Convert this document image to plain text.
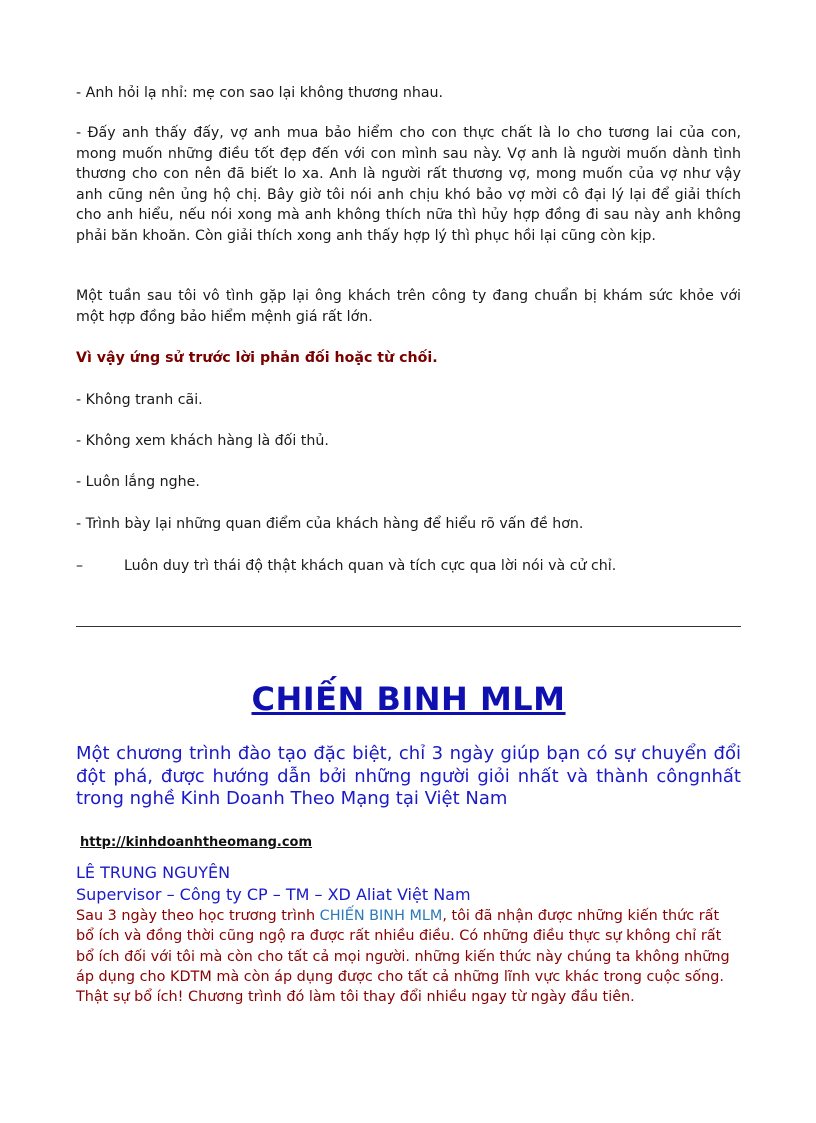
- Anh hỏi lạ nhỉ: mẹ con sao lại không thương nhau.

- Đấy anh thấy đấy, vợ anh mua bảo hiểm cho con thực chất là lo cho tương lai của con, mong muốn những điều tốt đẹp đến với con mình sau này. Vợ anh là người muốn dành tình thương cho con nên đã biết lo xa. Anh là người rất thương vợ, mong muốn của vợ như vậy anh cũng nên ủng hộ chị. Bây giờ tôi nói anh chịu khó bảo vợ mời cô đại lý lại để giải thích cho anh hiểu, nếu nói xong mà anh không thích nữa thì hủy hợp đồng đi sau này anh không phải băn khoăn. Còn giải thích xong anh thấy hợp lý thì phục hồi lại cũng còn kịp.

Một tuần sau tôi vô tình gặp lại ông khách trên công ty đang chuẩn bị khám sức khỏe với một hợp đồng bảo hiểm mệnh giá rất lớn.

Vì vậy ứng sử trước lời phản đối hoặc từ chối.

- Không tranh cãi.

- Không xem khách hàng là đối thủ.

- Luôn lắng nghe.

- Trình bày lại những quan điểm của khách hàng để hiểu rõ vấn đề hơn.

–	Luôn duy trì thái độ thật khách quan và tích cực qua lời nói và cử chỉ.
CHIẾN BINH MLM

Một chương trình đào tạo đặc biệt, chỉ 3 ngày giúp bạn có sự chuyển đổi đột phá, được hướng dẫn bởi những người giỏi nhất và thành côngnhất trong nghề Kinh Doanh Theo Mạng tại Việt Nam

http://kinhdoanhtheomang.com
LÊ TRUNG NGUYÊN
Supervisor – Công ty CP – TM – XD Aliat Việt Nam

Sau 3 ngày theo học trương trình CHIẾN BINH MLM, tôi đã nhận được những kiến thức rất bổ ích và đồng thời cũng ngộ ra được rất nhiều điều. Có những điều thực sự không chỉ rất bổ ích đối với tôi mà còn cho tất cả mọi người. những kiến thức này chúng ta không những áp dụng cho KDTM mà còn áp dụng được cho tất cả những lĩnh vực khác trong cuộc sống.
Thật sự bổ ích! Chương trình đó làm tôi thay đổi nhiều ngay từ ngày đầu tiên.
